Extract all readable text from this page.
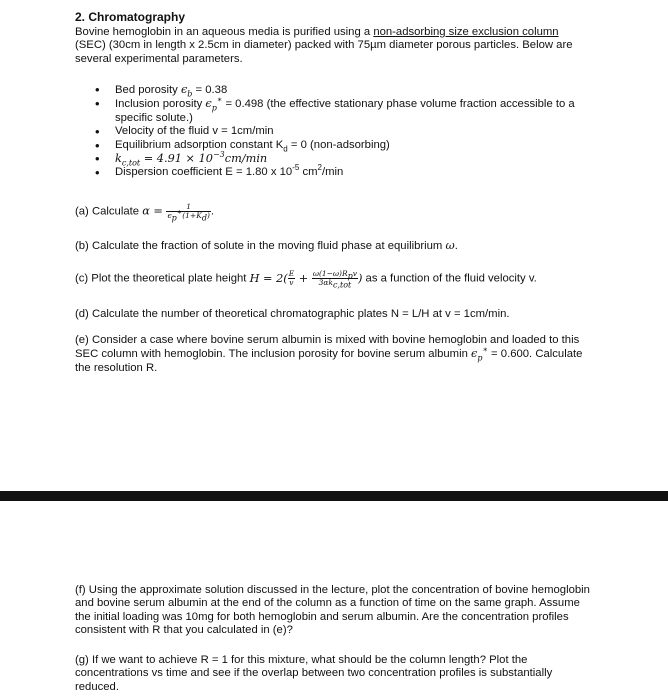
2. Chromatography
Bovine hemoglobin in an aqueous media is purified using a non-adsorbing size exclusion column (SEC) (30cm in length x 2.5cm in diameter) packed with 75µm diameter porous particles. Below are several experimental parameters.
• Bed porosity $\epsilon_b = 0.38$
• Inclusion porosity $\epsilon_p^∗ = 0.498$ (the effective stationary phase volume fraction accessible to a specific solute.)
• Velocity of the fluid v = 1cm/min
• Equilibrium adsorption constant $K_d = 0$ (non-adsorbing)
• $k_{c,tot} = 4.91 \times 10^{-3}cm/\min$
• Dispersion coefficient E = 1.80 x $10^{-5}$ $cm^2/\min$
(a) Calculate $\alpha = \frac{1}{\epsilon_p^∗(1+K_d)}$ .
(b) Calculate the fraction of solute in the moving fluid phase at equilibrium ω.
(c) Plot the theoretical plate height $H = 2( \frac{E}{v} + \frac{\omega(1-\omega)R_pv}{3\alpha k_{c,tot}}$ ) as a function of the fluid velocity v.
(d) Calculate the number of theoretical chromatographic plates N = L/H at v = 1cm/min.
(e) Consider a case where bovine serum albumin is mixed with bovine hemoglobin and loaded to this SEC column with hemoglobin. The inclusion porosity for bovine serum albumin $\epsilon_p^∗ = 0.600$. Calculate the resolution R.
(f) Using the approximate solution discussed in the lecture, plot the concentration of bovine hemoglobin and bovine serum albumin at the end of the column as a function of time on the same graph. Assume the initial loading was 10mg for both hemoglobin and serum albumin. Are the concentration profiles consistent with R that you calculated in (e)?
(g) If we want to achieve R = 1 for this mixture, what should be the column length? Plot the concentrations vs time and see if the overlap between two concentration profiles is substantially reduced.
